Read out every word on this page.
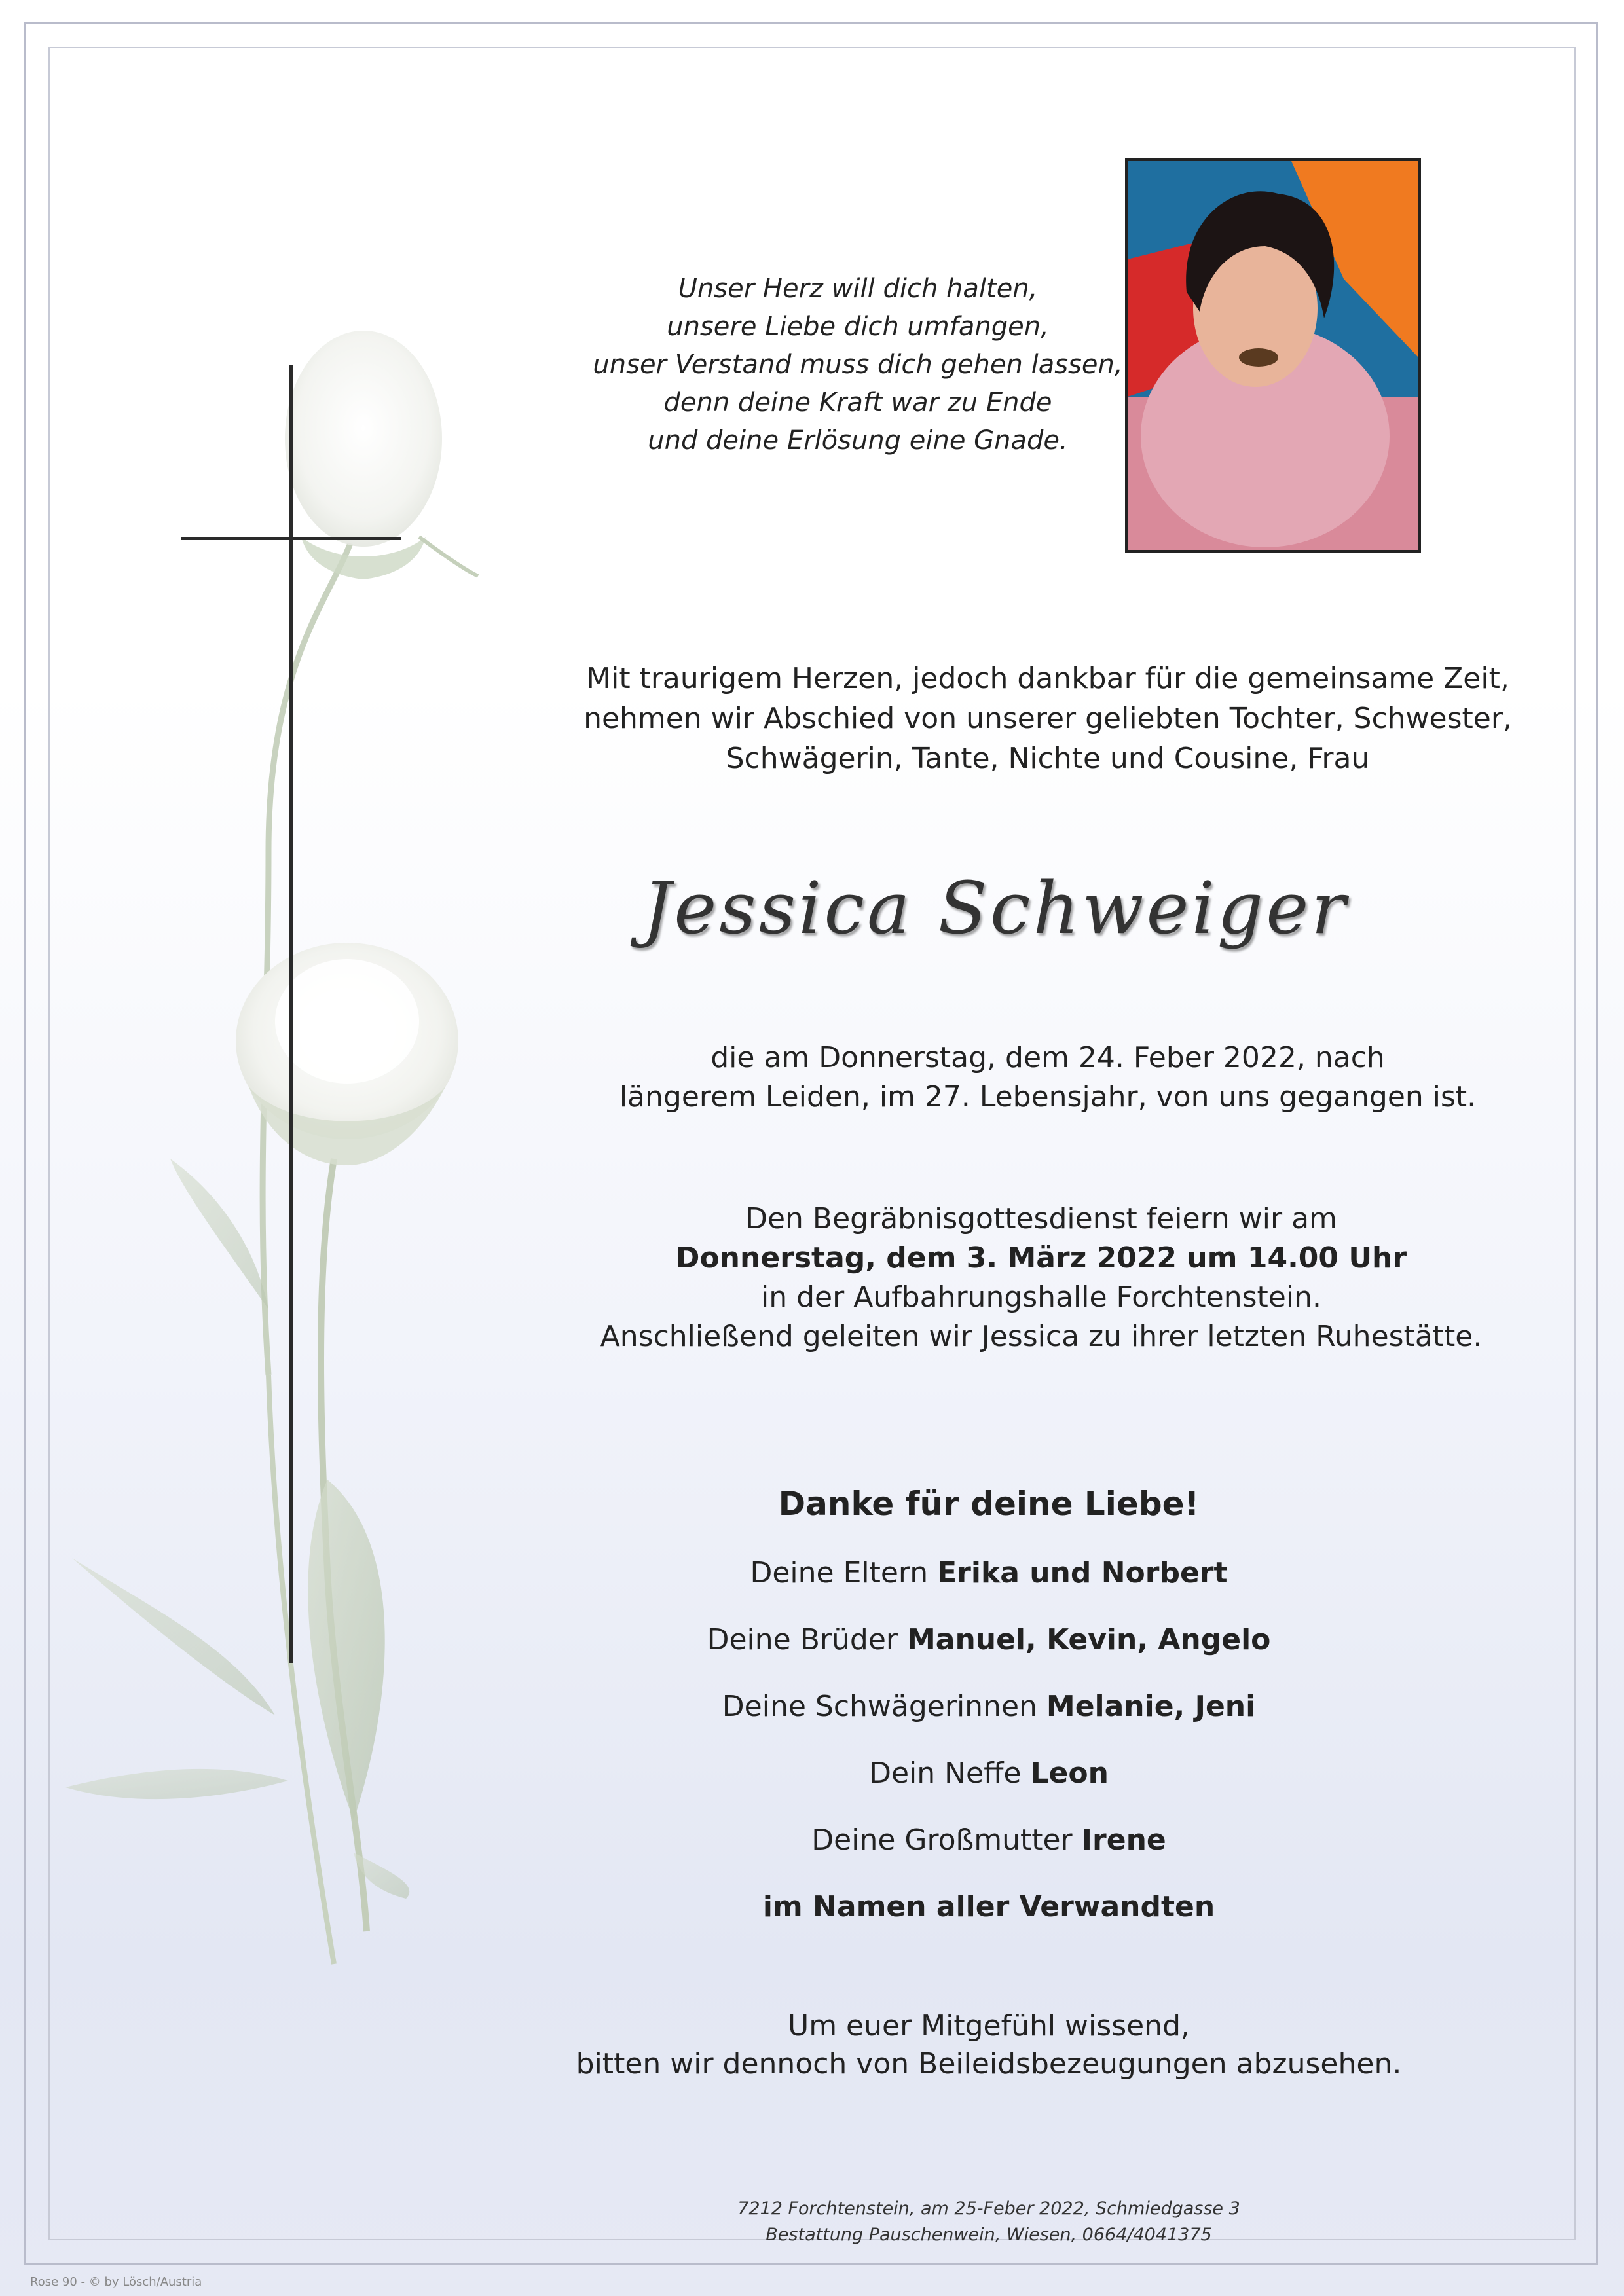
Unser Herz will dich halten,
unsere Liebe dich umfangen,
unser Verstand muss dich gehen lassen,
denn deine Kraft war zu Ende
und deine Erlösung eine Gnade.
Mit traurigem Herzen, jedoch dankbar für die gemeinsame Zeit,
nehmen wir Abschied von unserer geliebten Tochter, Schwester,
Schwägerin, Tante, Nichte und Cousine, Frau
Jessica Schweiger
die am Donnerstag, dem 24. Feber 2022, nach
längerem Leiden, im 27. Lebensjahr, von uns gegangen ist.
Den Begräbnisgottesdienst feiern wir am
Donnerstag, dem 3. März 2022 um 14.00 Uhr
in der Aufbahrungshalle Forchtenstein.
Anschließend geleiten wir Jessica zu ihrer letzten Ruhestätte.
Danke für deine Liebe!
Deine Eltern Erika und Norbert
Deine Brüder Manuel, Kevin, Angelo
Deine Schwägerinnen Melanie, Jeni
Dein Neffe Leon
Deine Großmutter Irene
im Namen aller Verwandten
Um euer Mitgefühl wissend,
bitten wir dennoch von Beileidsbezeugungen abzusehen.
7212 Forchtenstein, am 25-Feber 2022, Schmiedgasse 3
Bestattung Pauschenwein, Wiesen, 0664/4041375
Rose 90 - © by Lösch/Austria
